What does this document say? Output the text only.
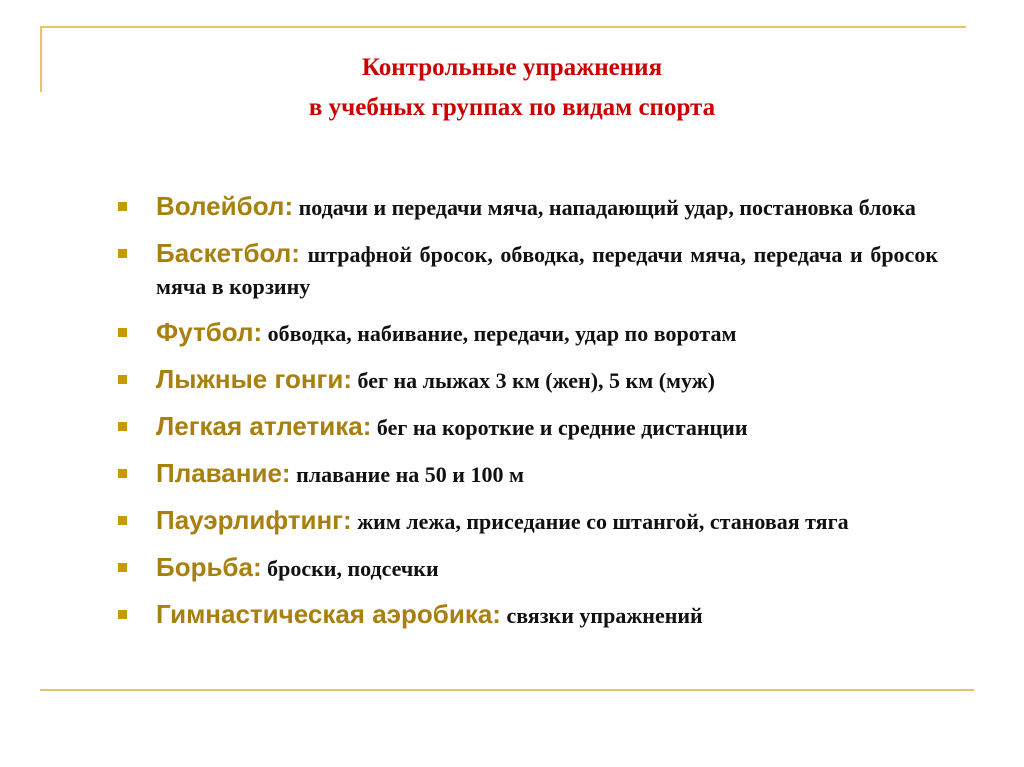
Контрольные упражнения
в учебных группах по видам спорта
Волейбол: подачи и передачи мяча, нападающий удар, постановка блока
Баскетбол: штрафной бросок, обводка, передачи мяча, передача и бросок мяча в корзину
Футбол: обводка, набивание, передачи, удар по воротам
Лыжные гонги: бег на лыжах 3 км (жен), 5 км (муж)
Легкая атлетика: бег на короткие и средние дистанции
Плавание: плавание на 50 и 100 м
Пауэрлифтинг: жим лежа, приседание со штангой, становая тяга
Борьба: броски, подсечки
Гимнастическая аэробика: связки упражнений
